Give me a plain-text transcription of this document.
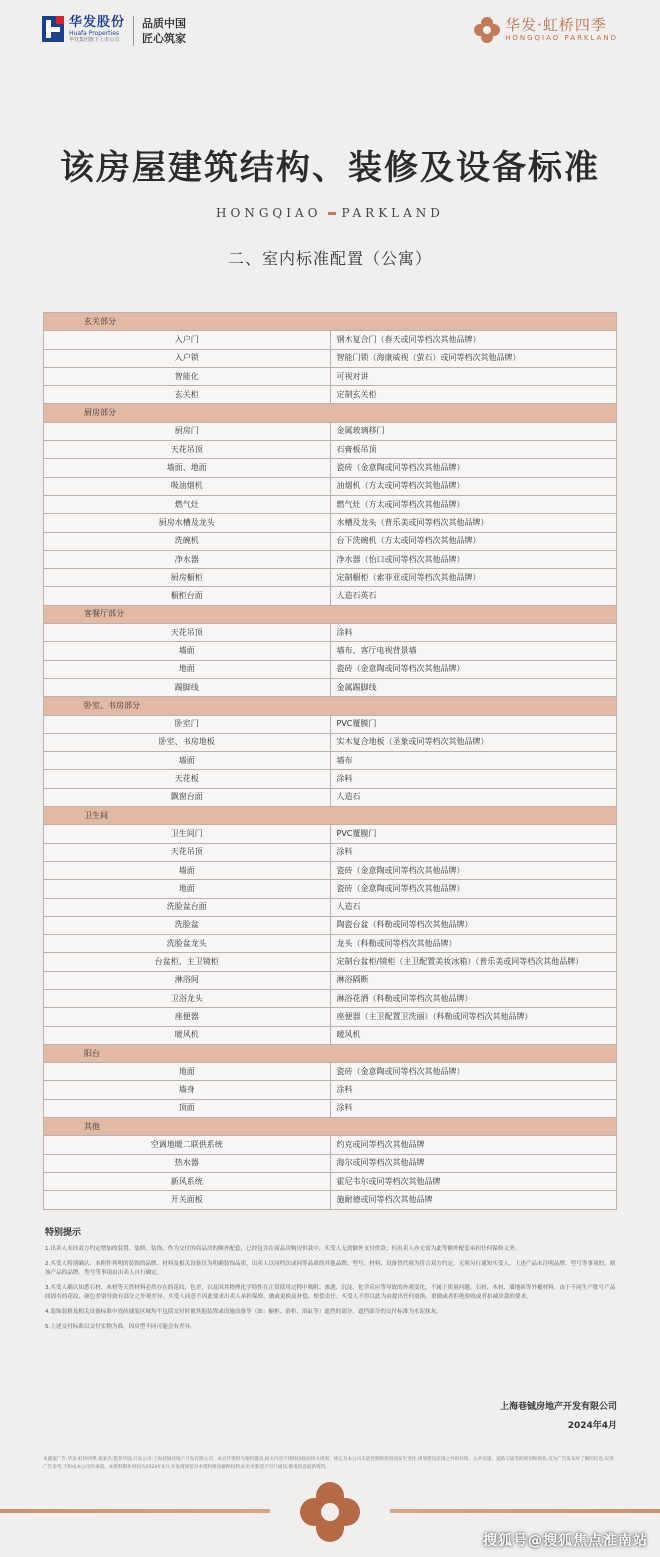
华发股份
Huafa Properties
华发集团旗下上市公司
品质中国
匠心筑家
华发·虹桥四季
HONGQIAO PARKLAND
该房屋建筑结构、装修及设备标准
HONGQIAO PARKLAND
二、室内标准配置（公寓）
玄关部分	
入户门	钢木复合门（春天或同等档次其他品牌）
入户锁	智能门锁（海康威视（萤石）或同等档次其他品牌）
智能化	可视对讲
玄关柜	定制玄关柜
厨房部分	
厨房门	金属玻璃移门
天花吊顶	石膏板吊顶
墙面、地面	瓷砖（金意陶或同等档次其他品牌）
吸油烟机	油烟机（方太或同等档次其他品牌）
燃气灶	燃气灶（方太或同等档次其他品牌）
厨房水槽及龙头	水槽及龙头（普乐美或同等档次其他品牌）
洗碗机	台下洗碗机（方太或同等档次其他品牌）
净水器	净水器（怡口或同等档次其他品牌）
厨房橱柜	定制橱柜（索菲亚或同等档次其他品牌）
橱柜台面	人造石英石
客餐厅部分	
天花吊顶	涂料
墙面	墙布、客厅电视背景墙
地面	瓷砖（金意陶或同等档次其他品牌）
踢脚线	金属踢脚线
卧室、书房部分	
卧室门	PVC覆膜门
卧室、书房地板	实木复合地板（圣象或同等档次其他品牌）
墙面	墙布
天花板	涂料
飘窗台面	人造石
卫生间	
卫生间门	PVC覆膜门
天花吊顶	涂料
墙面	瓷砖（金意陶或同等档次其他品牌）
地面	瓷砖（金意陶或同等档次其他品牌）
洗脸盆台面	人造石
洗脸盆	陶瓷台盆（科勒或同等档次其他品牌）
洗脸盆龙头	龙头（科勒或同等档次其他品牌）
台盆柜、主卫镜柜	定制台盆柜/镜柜（主卫配置美妆冰箱）（普乐美或同等档次其他品牌）
淋浴间	淋浴隔断
卫浴龙头	淋浴花洒（科勒或同等档次其他品牌）
座便器	座便器（主卫配置卫洗丽）（科勒或同等档次其他品牌）
暖风机	暖风机
阳台	
地面	瓷砖（金意陶或同等档次其他品牌）
墙身	涂料
顶面	涂料
其他	
空调地暖二联供系统	约克或同等档次其他品牌
热水器	海尔或同等档次其他品牌
新风系统	霍尼韦尔或同等档次其他品牌
开关面板	施耐德或同等档次其他品牌
特别提示
1.出卖人未经双方约定增加的装置、装修、装饰，作为交付的商品房的额外配套，已经包含在商品房购房价款中，买受人无需额外支付价款；但出卖人亦无需为此等额外配套承担任何保修义务。
2.买受人特别确认：本附件列明的装饰的品牌、材料及相关设备仅为明确装饰品质，出卖人以同档次或同等品质的其他品牌、型号、材料、设备替代视为符合双方约定，无须另行通知买受人。上述产品未注明品牌、型号等事项的，则该产品的品牌、型号等事项由出卖人自行确定。
3.买受人确认知悉石材、木材等天然材料必然存在的花纹、色差，以及因其物理化学特性在正常使用过程中吸附、渗透、沉淀、化学反应等导致的外观变化，不属于质量问题。石材、木材、墙地砖等外覆材料，由于不同生产批号产品间固有的花纹、颜色差别导致有部分之外观差异。买受人同意不因此要求出卖人承担保修、做或更换及补偿、赔偿责任。买受人不得以此为由提出任何更换、重做或者拒绝验收或者扣减房款的要求。
4.装饰装修及相关设备标准中瓷砖铺装区域均不包括交付时被其他装置或设施设备等（如：橱柜、浴柜、浴缸等）遮挡的部分，遮挡部分的交付标准为水泥抹灰。
5.上述交付标准以交付实物为准，因房型不同可能会有差异。
上海巷铖房地产开发有限公司
2024年4月
本副案广告:华发·虹桥四季,备案名:愿景华庭,开发公司:上海巷铖房地产开发有限公司。本宣传资料为要约邀请,相关内容不排除因政府相关规划、规定及本公司未能控制的原因而发生变化,规划建设范围之外的环境、公共设施、道路交通等的规划和现状,仅为广告发布时了解的信息,仅供广告参考,不构成本公司的承诺。本资料制作时间为2024年4月,开发商保留对本资料修改解释权利,如有更新恕不另行通知,敬请留意最新资料。
搜狐号@搜狐焦点淮南站
